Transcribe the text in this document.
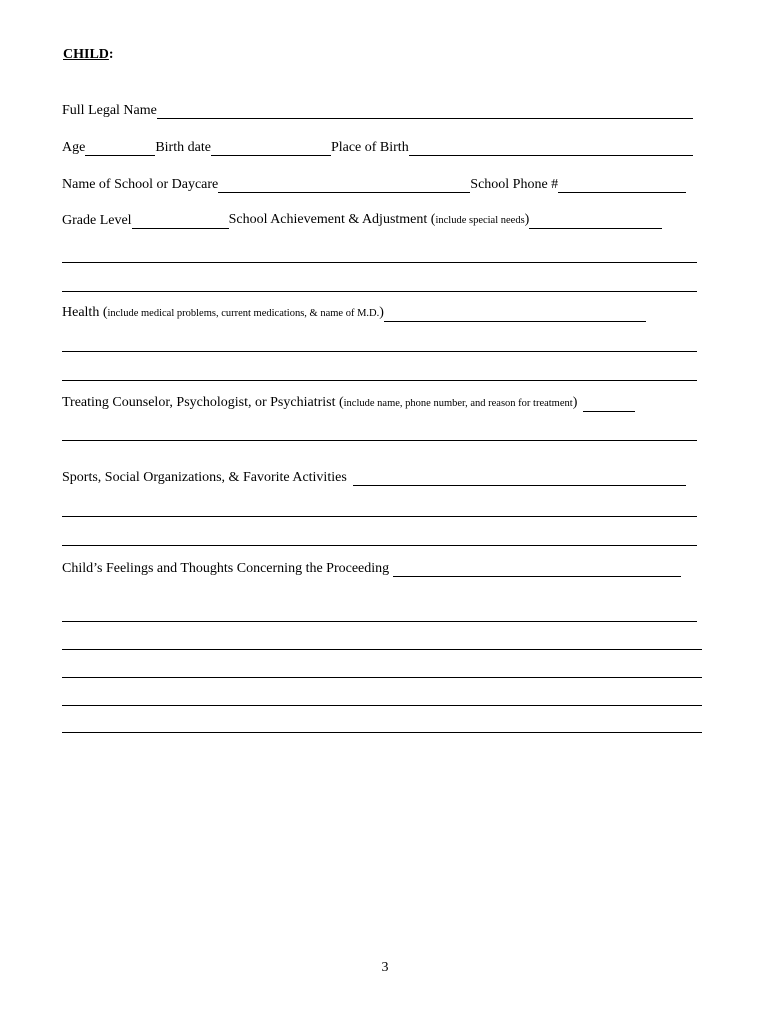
CHILD:
Full Legal Name
Age	Birth date	Place of Birth
Name of School or Daycare	School Phone #
Grade Level	School Achievement & Adjustment (include special needs)
Health (include medical problems, current medications, & name of M.D.)
Treating Counselor, Psychologist, or Psychiatrist (include name, phone number, and reason for treatment)
Sports, Social Organizations, & Favorite Activities
Child’s Feelings and Thoughts Concerning the Proceeding
3
